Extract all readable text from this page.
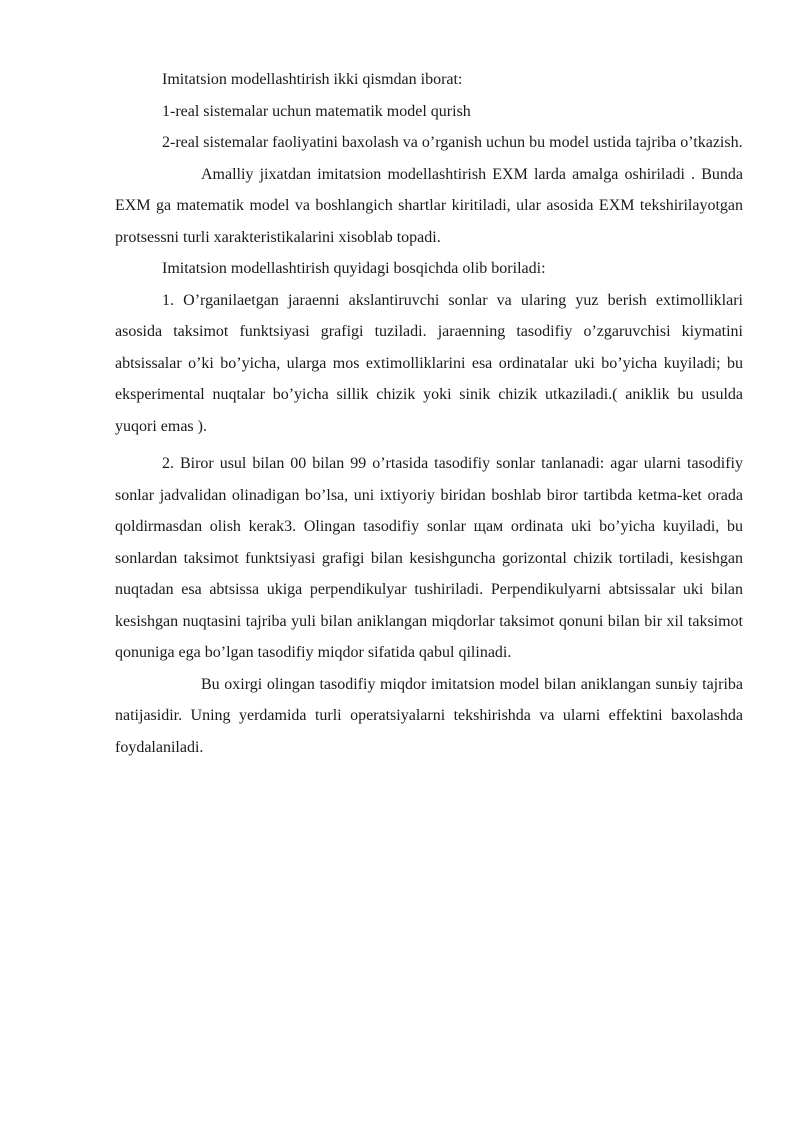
Imitatsion modellashtirish ikki qismdan iborat:

1-real sistemalar uchun matematik model qurish

2-real sistemalar faoliyatini baxolash va o’rganish uchun bu model ustida tajriba o’tkazish.

Amalliy jixatdan imitatsion modellashtirish EXM larda amalga oshiriladi . Bunda EXM ga matematik model va boshlangich shartlar kiritiladi, ular asosida EXM tekshirilayotgan protsessni turli xarakteristikalarini xisoblab topadi.

Imitatsion modellashtirish quyidagi bosqichda olib boriladi:

1. O’rganilaetgan jaraenni akslantiruvchi sonlar va ularing yuz berish extimolliklari asosida taksimot funktsiyasi grafigi tuziladi. jaraenning tasodifiy o’zgaruvchisi kiymatini abtsissalar o’ki bo’yicha, ularga mos extimolliklarini esa ordinatalar uki bo’yicha kuyiladi; bu eksperimental nuqtalar bo’yicha sillik chizik yoki sinik chizik utkaziladi.( aniklik bu usulda yuqori emas ).

2. Biror usul bilan 00 bilan 99 o’rtasida tasodifiy sonlar tanlanadi: agar ularni tasodifiy sonlar jadvalidan olinadigan bo’lsa, uni ixtiyoriy biridan boshlab biror tartibda ketma-ket orada qoldirmasdan olish kerak3. Olingan tasodifiy sonlar щам ordinata uki bo’yicha kuyiladi, bu sonlardan taksimot funktsiyasi grafigi bilan kesishguncha gorizontal chizik tortiladi, kesishgan nuqtadan esa abtsissa ukiga perpendikulyar tushiriladi. Perpendikulyarni abtsissalar uki bilan kesishgan nuqtasini tajriba yuli bilan aniklangan miqdorlar taksimot qonuni bilan bir xil taksimot qonuniga ega bo’lgan tasodifiy miqdor sifatida qabul qilinadi.

Bu oxirgi olingan tasodifiy miqdor imitatsion model bilan aniklangan sunьiy tajriba natijasidir. Uning yerdamida turli operatsiyalarni tekshirishda va ularni effektini baxolashda foydalaniladi.
